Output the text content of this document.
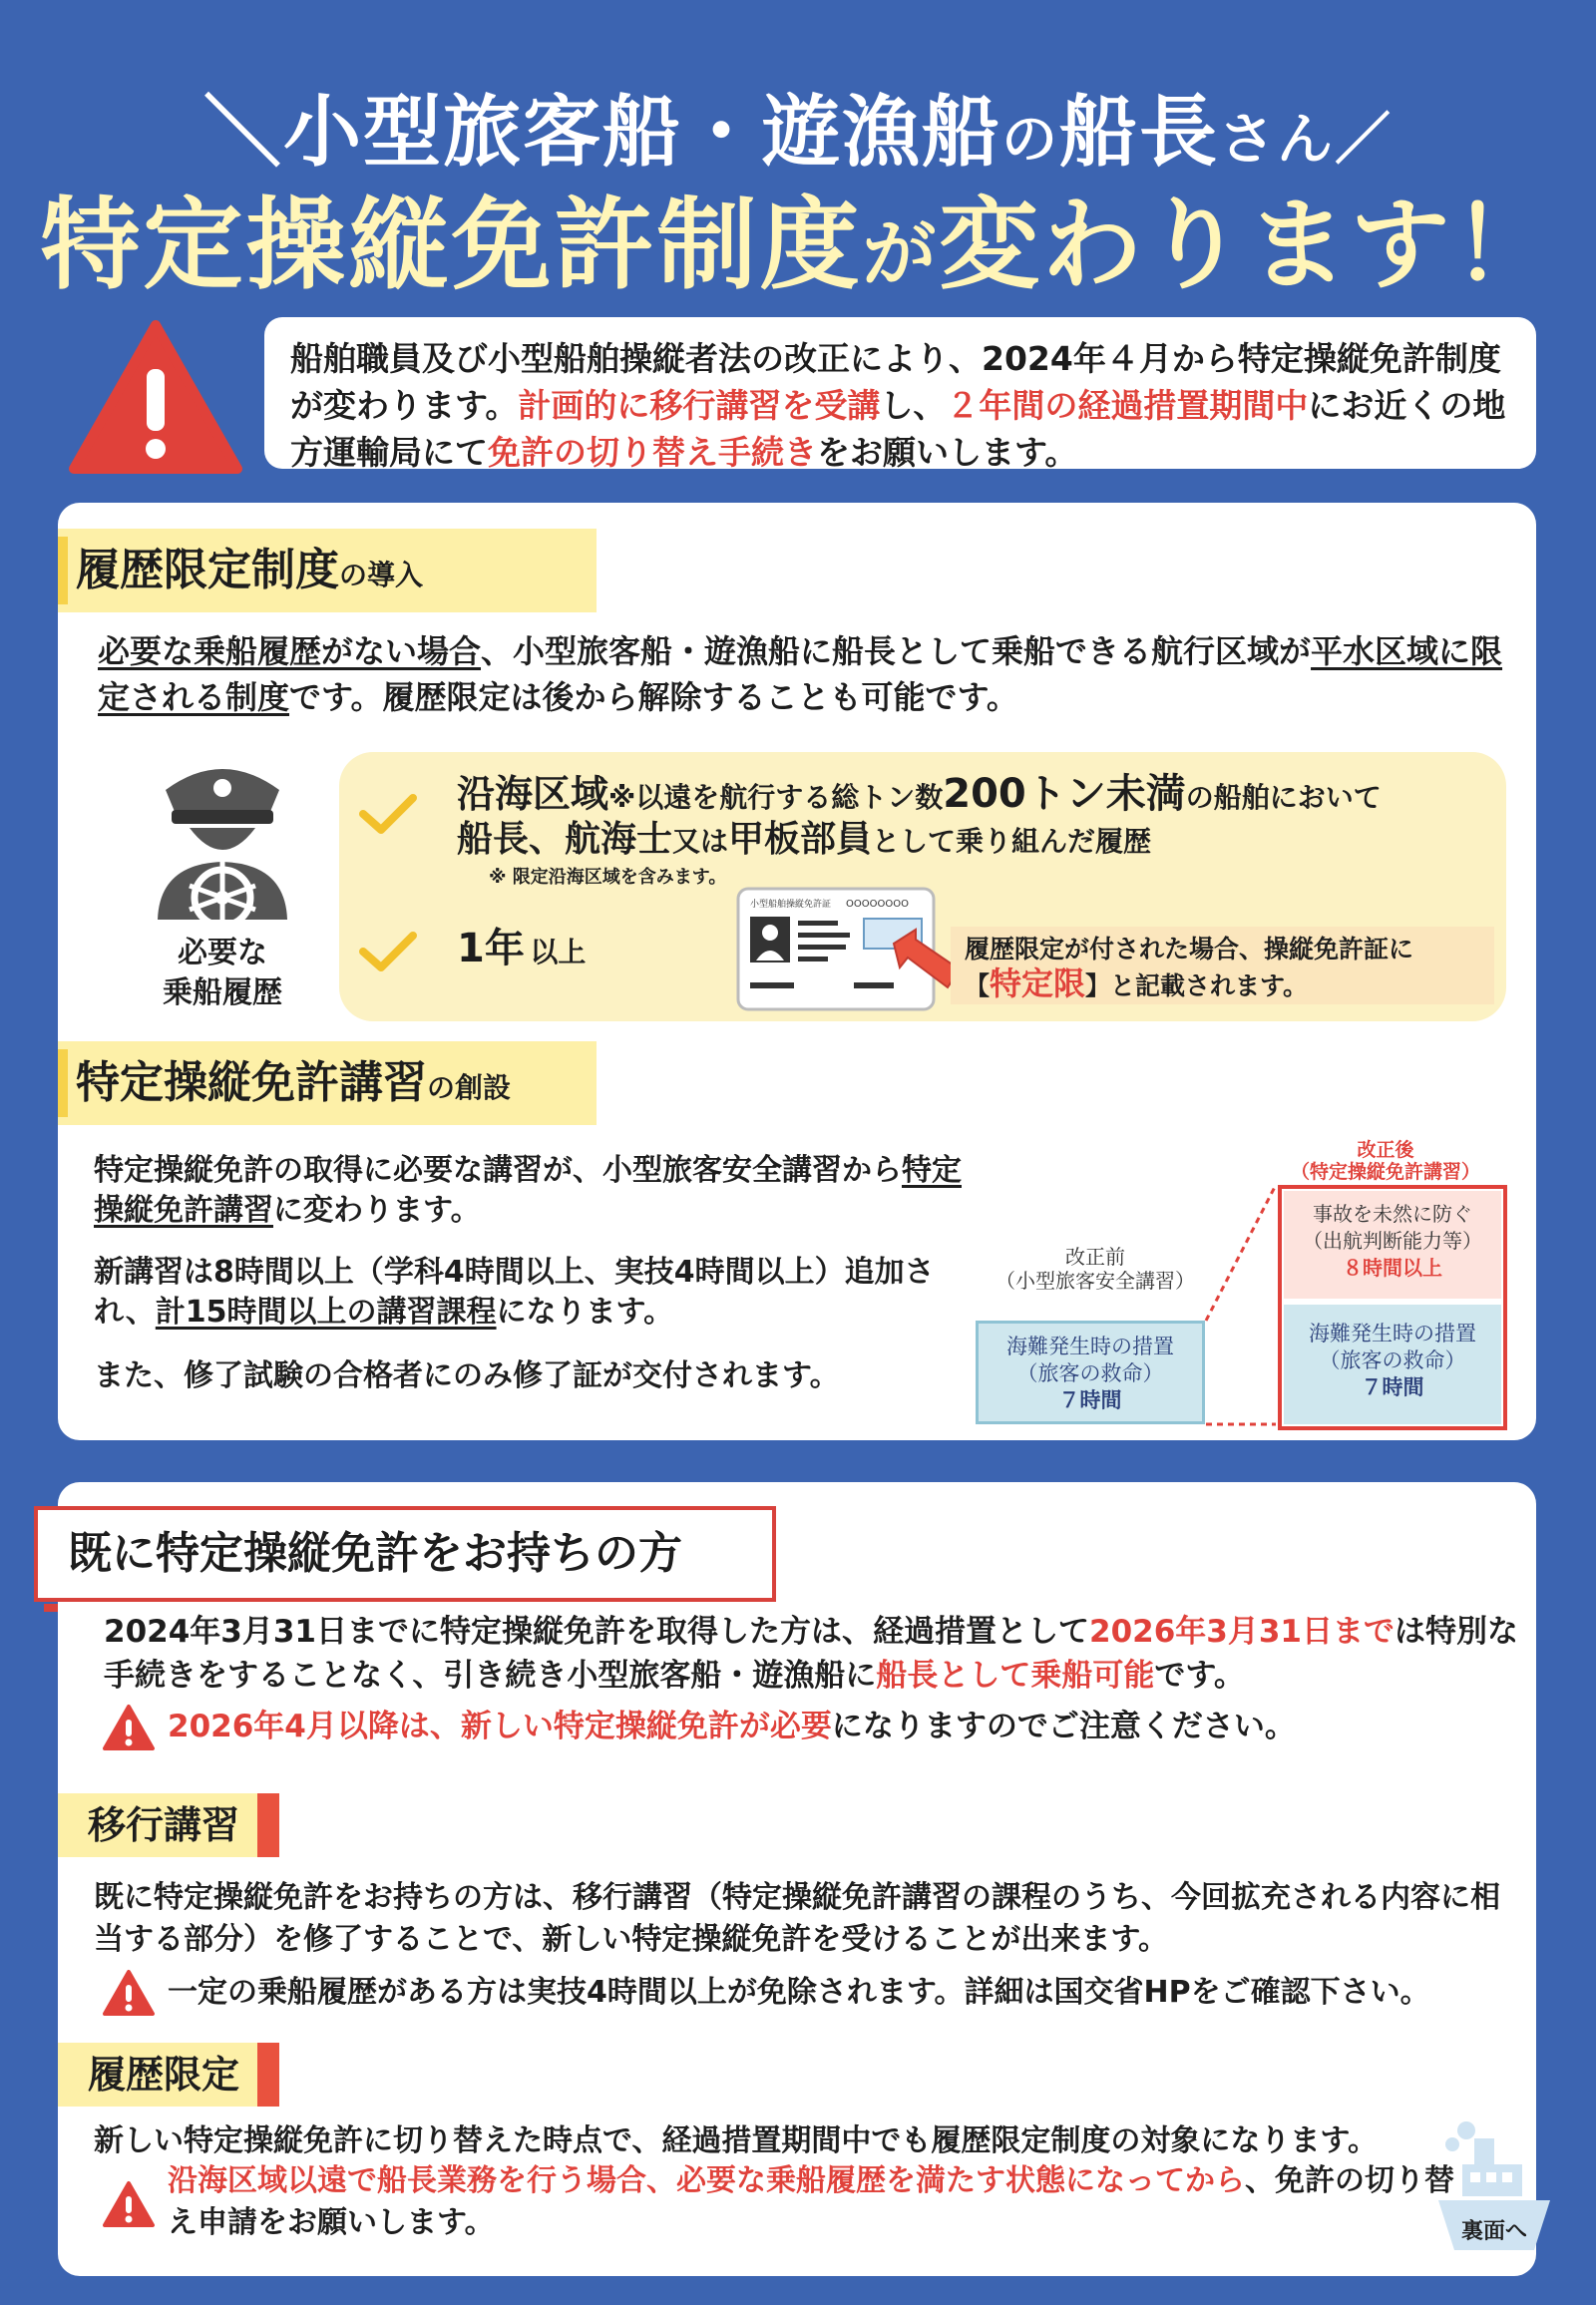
＼小型旅客船・遊漁船の船長さん／
特定操縦免許制度が変わります！
船舶職員及び小型船舶操縦者法の改正により、2024年４月から特定操縦免許制度が変わります。計画的に移行講習を受講し、２年間の経過措置期間中にお近くの地方運輸局にて免許の切り替え手続きをお願いします。
履歴限定制度の導入
必要な乗船履歴がない場合、小型旅客船・遊漁船に船長として乗船できる航行区域が平水区域に限定される制度です。履歴限定は後から解除することも可能です。
必要な
乗船履歴
沿海区域※以遠を航行する総トン数200トン未満の船舶において
船長、航海士又は甲板部員として乗り組んだ履歴
※ 限定沿海区域を含みます。
1年 以上
小型船舶操縦免許証 OOOOOOOO
履歴限定が付された場合、操縦免許証に
【特定限】と記載されます。
特定操縦免許講習の創設
特定操縦免許の取得に必要な講習が、小型旅客安全講習から特定操縦免許講習に変わります。
新講習は8時間以上（学科4時間以上、実技4時間以上）追加され、計15時間以上の講習課程になります。
また、修了試験の合格者にのみ修了証が交付されます。
改正前
（小型旅客安全講習）
海難発生時の措置
（旅客の救命）
７時間
改正後
（特定操縦免許講習）
事故を未然に防ぐ
（出航判断能力等）
８時間以上
海難発生時の措置
（旅客の救命）
７時間
既に特定操縦免許をお持ちの方
2024年3月31日までに特定操縦免許を取得した方は、経過措置として2026年3月31日までは特別な手続きをすることなく、引き続き小型旅客船・遊漁船に船長として乗船可能です。
2026年4月以降は、新しい特定操縦免許が必要になりますのでご注意ください。
移行講習
既に特定操縦免許をお持ちの方は、移行講習（特定操縦免許講習の課程のうち、今回拡充される内容に相当する部分）を修了することで、新しい特定操縦免許を受けることが出来ます。
一定の乗船履歴がある方は実技4時間以上が免除されます。詳細は国交省HPをご確認下さい。
履歴限定
新しい特定操縦免許に切り替えた時点で、経過措置期間中でも履歴限定制度の対象になります。
沿海区域以遠で船長業務を行う場合、必要な乗船履歴を満たす状態になってから、免許の切り替え申請をお願いします。	裏面へ
